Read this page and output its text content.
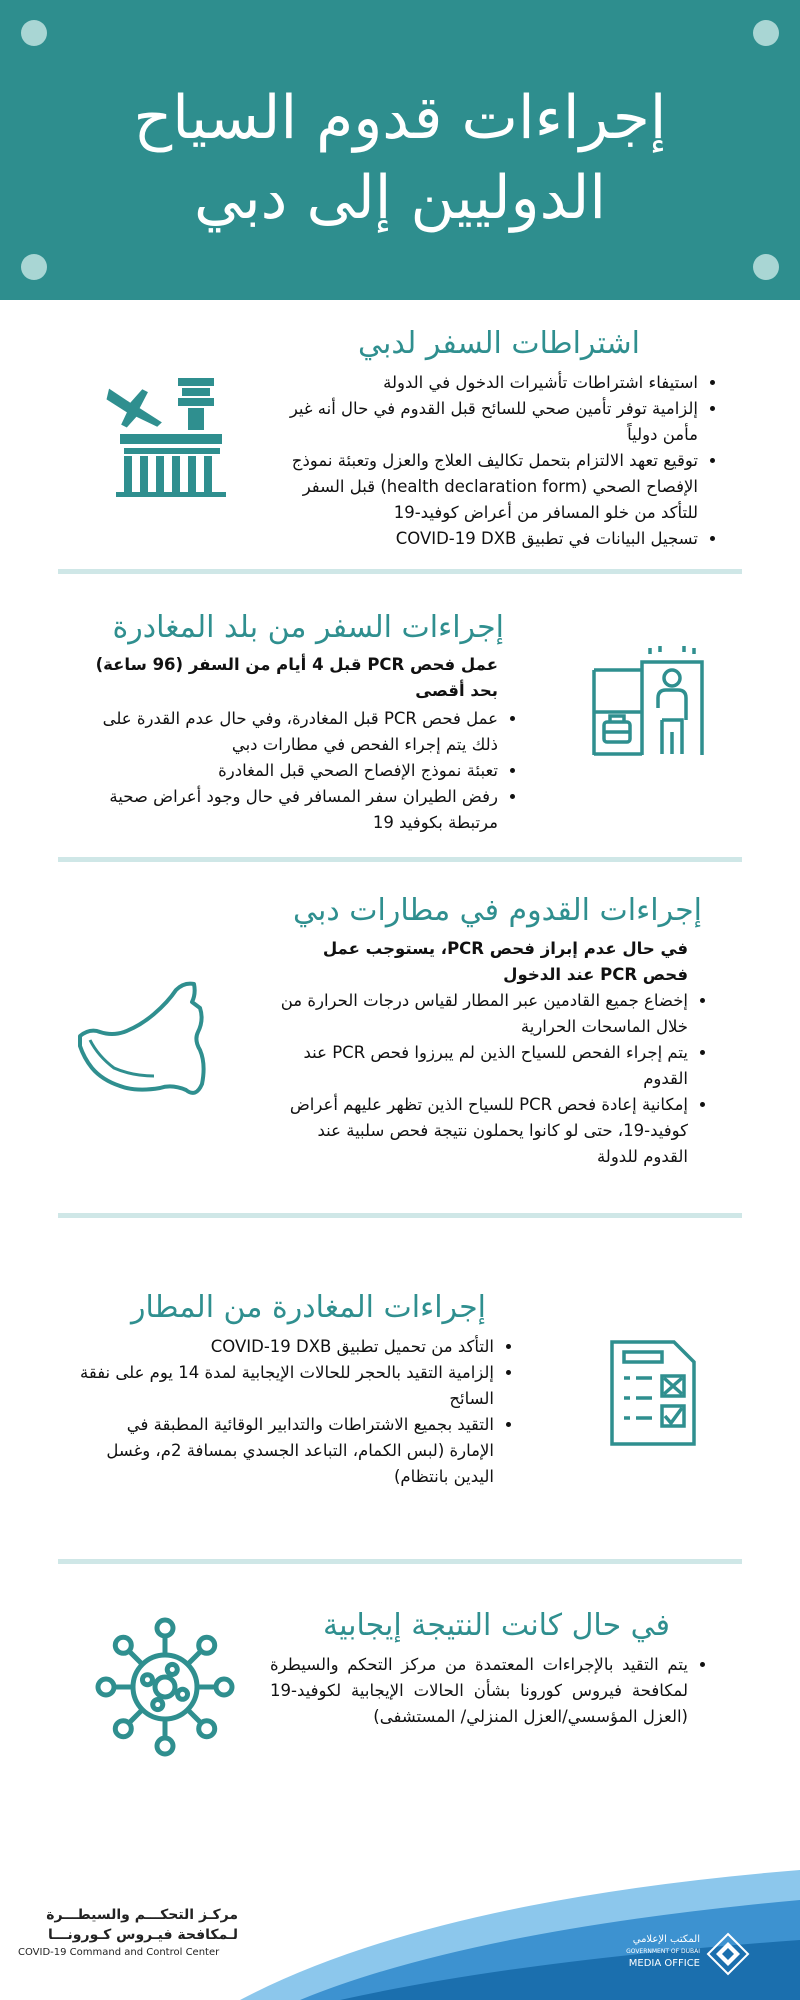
إجراءات قدوم السياح
الدوليين إلى دبي
اشتراطات السفر لدبي
• استيفاء اشتراطات تأشيرات الدخول في الدولة
• إلزامية توفر تأمين صحي للسائح قبل القدوم في حال أنه غير مأمن دولياً
• توقيع تعهد الالتزام بتحمل تكاليف العلاج والعزل وتعبئة نموذج الإفصاح الصحي (health declaration form) قبل السفر للتأكد من خلو المسافر من أعراض كوفيد-19
• تسجيل البيانات في تطبيق COVID-19 DXB
إجراءات السفر من بلد المغادرة
عمل فحص PCR قبل 4 أيام من السفر (96 ساعة) بحد أقصى
• عمل فحص PCR قبل المغادرة، وفي حال عدم القدرة على ذلك يتم إجراء الفحص في مطارات دبي
• تعبئة نموذج الإفصاح الصحي قبل المغادرة
• رفض الطيران سفر المسافر في حال وجود أعراض صحية مرتبطة بكوفيد 19
إجراءات القدوم في مطارات دبي
في حال عدم إبراز فحص PCR، يستوجب عمل فحص PCR عند الدخول
• إخضاع جميع القادمين عبر المطار لقياس درجات الحرارة من خلال الماسحات الحرارية
• يتم إجراء الفحص للسياح الذين لم يبرزوا فحص PCR عند القدوم
• إمكانية إعادة فحص PCR للسياح الذين تظهر عليهم أعراض كوفيد-19، حتى لو كانوا يحملون نتيجة فحص سلبية عند القدوم للدولة
إجراءات المغادرة من المطار
• التأكد من تحميل تطبيق COVID-19 DXB
• إلزامية التقيد بالحجر للحالات الإيجابية لمدة 14 يوم على نفقة السائح
• التقيد بجميع الاشتراطات والتدابير الوقائية المطبقة في الإمارة (لبس الكمام، التباعد الجسدي بمسافة 2م، وغسل اليدين بانتظام)
في حال كانت النتيجة إيجابية
• يتم التقيد بالإجراءات المعتمدة من مركز التحكم والسيطرة لمكافحة فيروس كورونا بشأن الحالات الإيجابية لكوفيد-19 (العزل المؤسسي/العزل المنزلي/ المستشفى)
مركـز التحكـــم والسيطـــرة
لـمكافحة فيـروس كـورونـــا
COVID-19 Command and Control Center
المكتب الإعلامي
GOVERNMENT OF DUBAI
MEDIA OFFICE
